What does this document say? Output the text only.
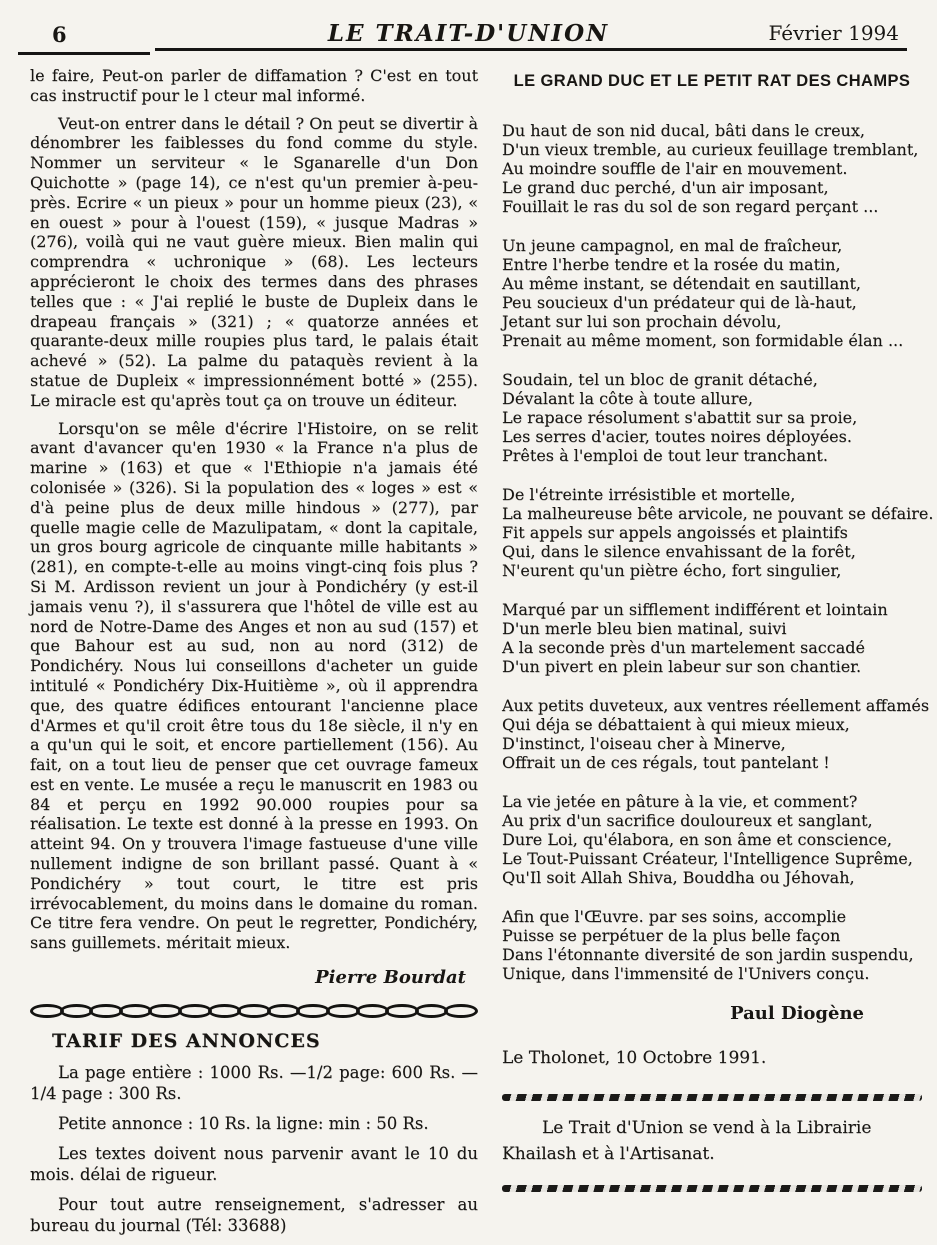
6	LE TRAIT-D'UNION	Février 1994

le faire, Peut-on parler de diffamation ? C'est en tout cas instructif pour le l cteur mal informé.

Veut-on entrer dans le détail ? On peut se divertir à dénombrer les faiblesses du fond comme du style. Nommer un serviteur « le Sganarelle d'un Don Quichotte » (page 14), ce n'est qu'un premier à-peu-près. Ecrire « un pieux » pour un homme pieux (23), « en ouest » pour à l'ouest (159), « jusque Madras » (276), voilà qui ne vaut guère mieux. Bien malin qui comprendra « uchronique » (68). Les lecteurs apprécieront le choix des termes dans des phrases telles que : « J'ai replié le buste de Dupleix dans le drapeau français » (321) ; « quatorze années et quarante-deux mille roupies plus tard, le palais était achevé » (52). La palme du pataquès revient à la statue de Dupleix « impressionnément botté » (255). Le miracle est qu'après tout ça on trouve un éditeur.

Lorsqu'on se mêle d'écrire l'Histoire, on se relit avant d'avancer qu'en 1930 « la France n'a plus de marine » (163) et que « l'Ethiopie n'a jamais été colonisée » (326). Si la population des « loges » est « d'à peine plus de deux mille hindous » (277), par quelle magie celle de Mazulipatam, « dont la capitale, un gros bourg agricole de cinquante mille habitants » (281), en compte-t-elle au moins vingt-cinq fois plus ? Si M. Ardisson revient un jour à Pondichéry (y est-il jamais venu ?), il s'assurera que l'hôtel de ville est au nord de Notre-Dame des Anges et non au sud (157) et que Bahour est au sud, non au nord (312) de Pondichéry. Nous lui conseillons d'acheter un guide intitulé « Pondichéry Dix-Huitième », où il apprendra que, des quatre édifices entourant l'ancienne place d'Armes et qu'il croit être tous du 18e siècle, il n'y en a qu'un qui le soit, et encore partiellement (156). Au fait, on a tout lieu de penser que cet ouvrage fameux est en vente. Le musée a reçu le manuscrit en 1983 ou 84 et perçu en 1992 90.000 roupies pour sa réalisation. Le texte est donné à la presse en 1993. On atteint 94. On y trouvera l'image fastueuse d'une ville nullement indigne de son brillant passé. Quant à « Pondichéry » tout court, le titre est pris irrévocablement, du moins dans le domaine du roman. Ce titre fera vendre. On peut le regretter, Pondichéry, sans guillemets. méritait mieux.

Pierre Bourdat
TARIF DES ANNONCES

La page entière : 1000 Rs. —1/2 page: 600 Rs. —1/4 page : 300 Rs.

Petite annonce : 10 Rs. la ligne: min : 50 Rs.

Les textes doivent nous parvenir avant le 10 du mois. délai de rigueur.

Pour tout autre renseignement, s'adresser au bureau du journal (Tél: 33688)

LE GRAND DUC ET LE PETIT RAT DES CHAMPS
Du haut de son nid ducal, bâti dans le creux,
D'un vieux tremble, au curieux feuillage tremblant,
Au moindre souffle de l'air en mouvement.
Le grand duc perché, d'un air imposant,
Fouillait le ras du sol de son regard perçant ...
Un jeune campagnol, en mal de fraîcheur,
Entre l'herbe tendre et la rosée du matin,
Au même instant, se détendait en sautillant,
Peu soucieux d'un prédateur qui de là-haut,
Jetant sur lui son prochain dévolu,
Prenait au même moment, son formidable élan ...
Soudain, tel un bloc de granit détaché,
Dévalant la côte à toute allure,
Le rapace résolument s'abattit sur sa proie,
Les serres d'acier, toutes noires déployées.
Prêtes à l'emploi de tout leur tranchant.
De l'étreinte irrésistible et mortelle,
La malheureuse bête arvicole, ne pouvant se défaire.
Fit appels sur appels angoissés et plaintifs
Qui, dans le silence envahissant de la forêt,
N'eurent qu'un piètre écho, fort singulier,
Marqué par un sifflement indifférent et lointain
D'un merle bleu bien matinal, suivi
A la seconde près d'un martelement saccadé
D'un pivert en plein labeur sur son chantier.
Aux petits duveteux, aux ventres réellement affamés
Qui déja se débattaient à qui mieux mieux,
D'instinct, l'oiseau cher à Minerve,
Offrait un de ces régals, tout pantelant !
La vie jetée en pâture à la vie, et comment?
Au prix d'un sacrifice douloureux et sanglant,
Dure Loi, qu'élabora, en son âme et conscience,
Le Tout-Puissant Créateur, l'Intelligence Suprême,
Qu'Il soit Allah Shiva, Bouddha ou Jéhovah,
Afin que l'Œuvre. par ses soins, accomplie
Puisse se perpétuer de la plus belle façon
Dans l'étonnante diversité de son jardin suspendu,
Unique, dans l'immensité de l'Univers conçu.
Paul Diogène
Le Tholonet, 10 Octobre 1991.

Le Trait d'Union se vend à la Librairie Khailash et à l'Artisanat.
